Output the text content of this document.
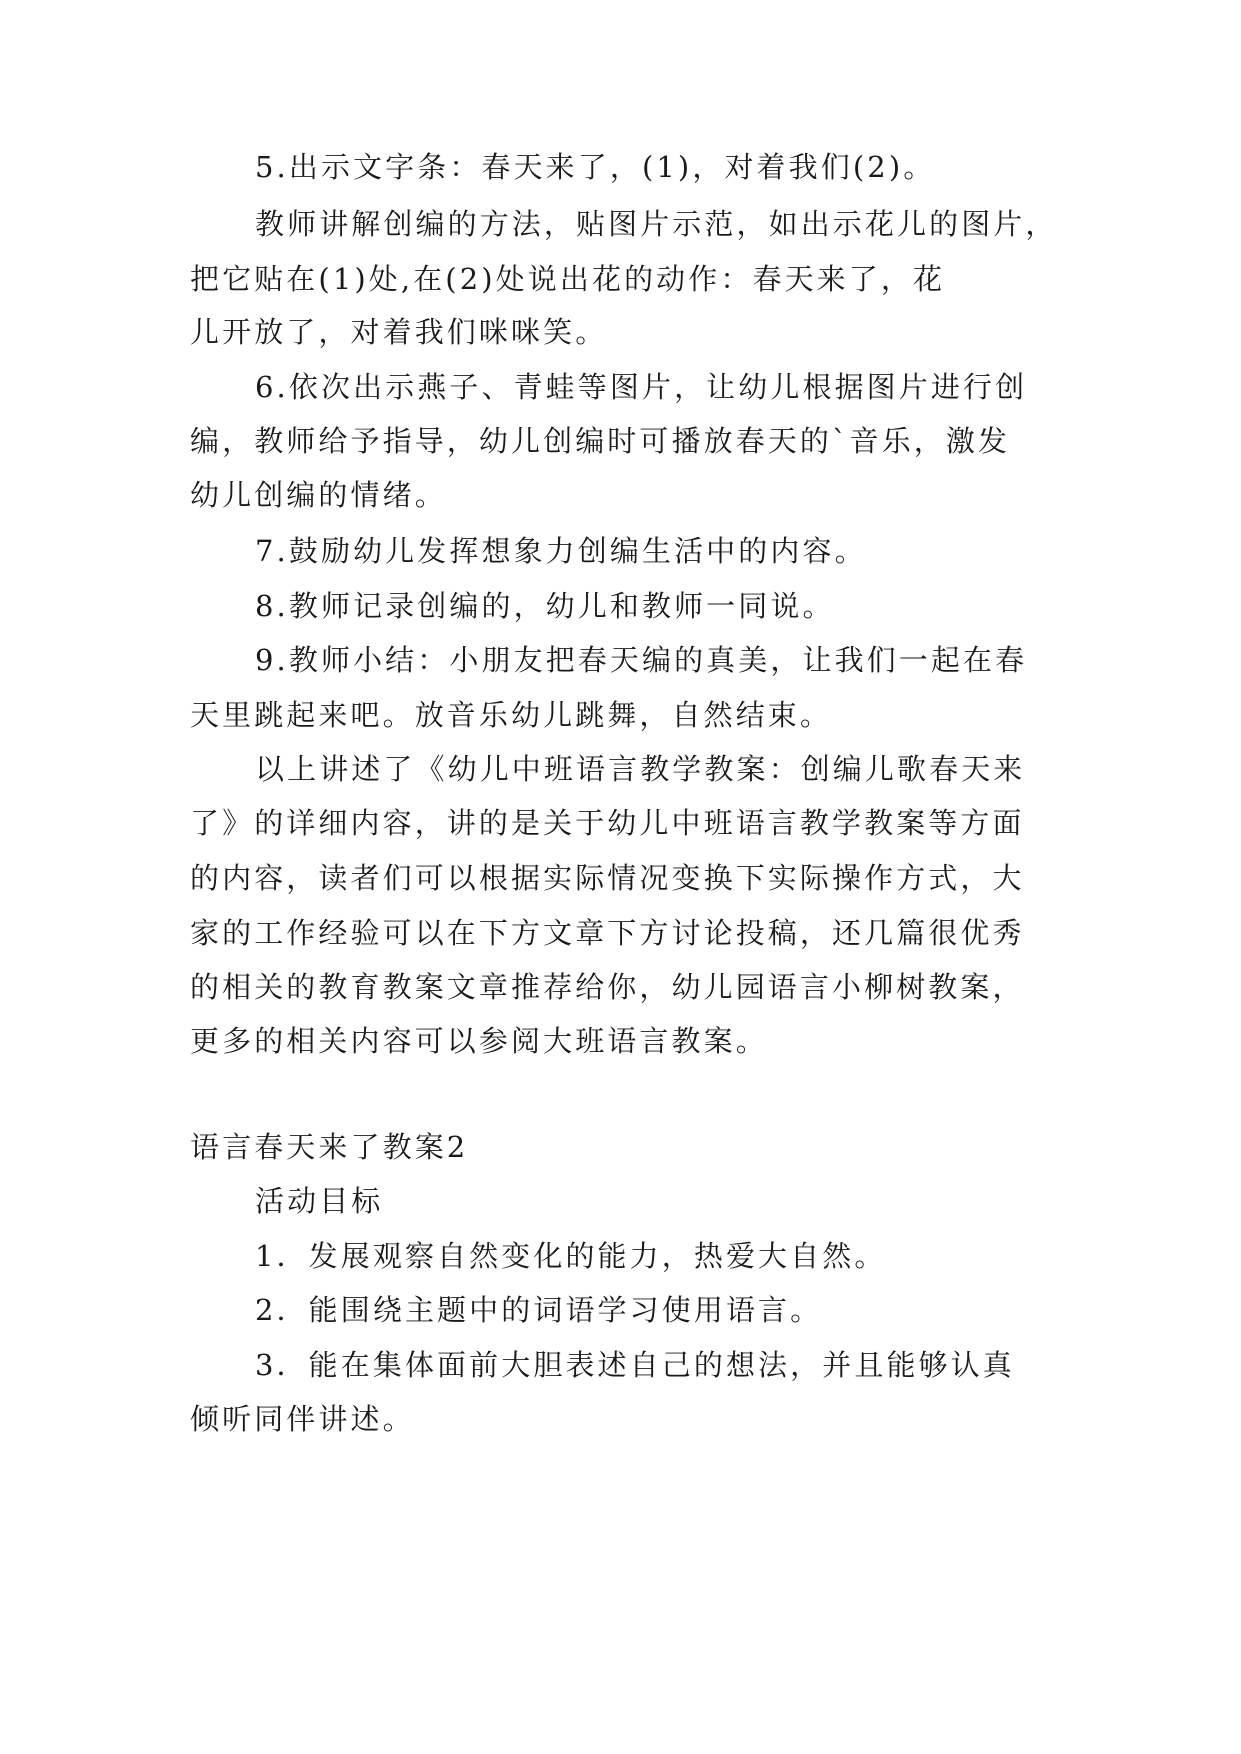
5.出示文字条：春天来了，(1)，对着我们(2)。
教师讲解创编的方法，贴图片示范，如出示花儿的图片，
把它贴在(1)处,在(2)处说出花的动作：春天来了，花
儿开放了，对着我们咪咪笑。
6.依次出示燕子、青蛙等图片，让幼儿根据图片进行创
编，教师给予指导，幼儿创编时可播放春天的`音乐，激发
幼儿创编的情绪。
7.鼓励幼儿发挥想象力创编生活中的内容。
8.教师记录创编的，幼儿和教师一同说。
9.教师小结：小朋友把春天编的真美，让我们一起在春
天里跳起来吧。放音乐幼儿跳舞，自然结束。
以上讲述了《幼儿中班语言教学教案：创编儿歌春天来
了》的详细内容，讲的是关于幼儿中班语言教学教案等方面
的内容，读者们可以根据实际情况变换下实际操作方式，大
家的工作经验可以在下方文章下方讨论投稿，还几篇很优秀
的相关的教育教案文章推荐给你，幼儿园语言小柳树教案，
更多的相关内容可以参阅大班语言教案。
语言春天来了教案2
活动目标
1．发展观察自然变化的能力，热爱大自然。
2．能围绕主题中的词语学习使用语言。
3．能在集体面前大胆表述自己的想法，并且能够认真
倾听同伴讲述。
